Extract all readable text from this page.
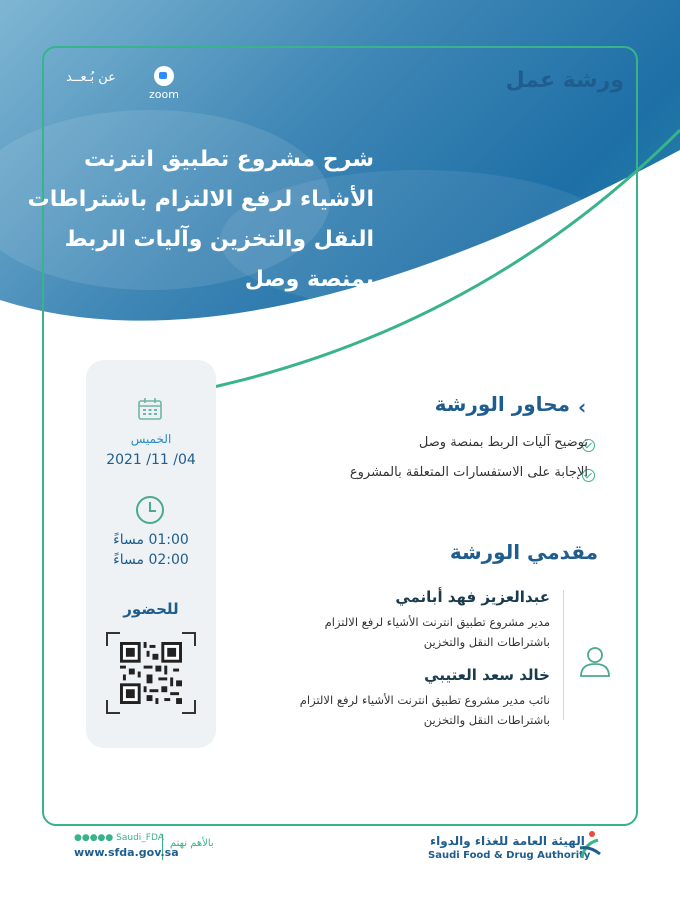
ورشة عمل
zoom
عن بُـعــد
شرح مشروع تطبيق انترنت
الأشياء لرفع الالتزام باشتراطات
النقل والتخزين وآليات الربط
بمنصة وصل
الخميس
2021 /11 /04
01:00 مساءً
02:00 مساءً
للحضور
‹
محاور الورشة
توضيح آليات الربط بمنصة وصل
الإجابة على الاستفسارات المتعلقة بالمشروع
مقدمي الورشة
عبدالعزيز فهد أبانمي
مدير مشروع تطبيق انترنت الأشياء لرفع الالتزام
باشتراطات النقل والتخزين
خالد سعد العتيبي
نائب مدير مشروع تطبيق انترنت الأشياء لرفع الالتزام
باشتراطات النقل والتخزين
الهيئة العامة للغذاء والدواء
Saudi Food & Drug Authority
بالأهم نهتم
●●●●● Saudi_FDA
www.sfda.gov.sa
